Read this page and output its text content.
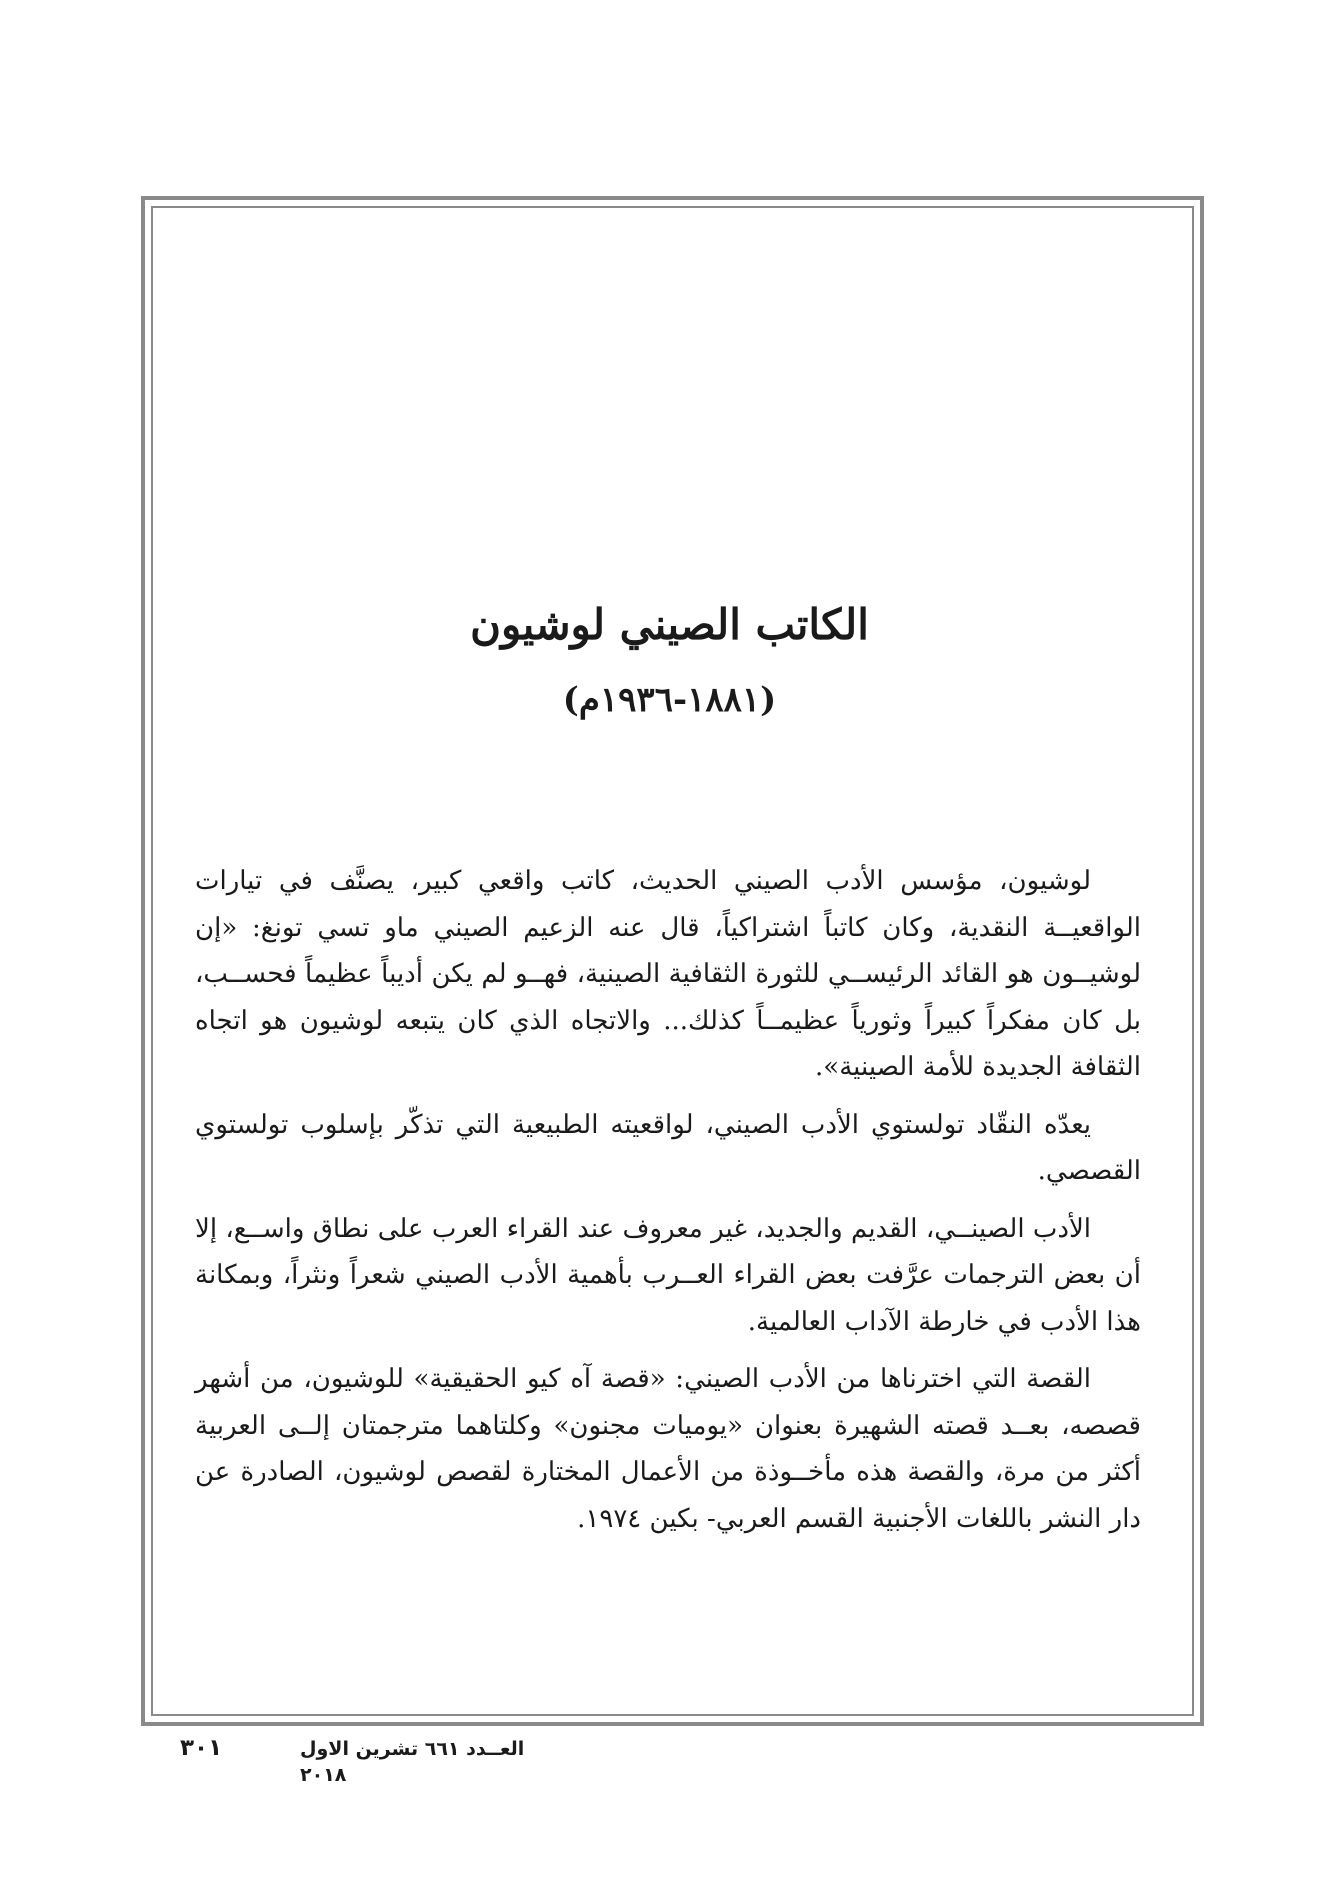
الكاتب الصيني لوشيون
(١٨٨١-١٩٣٦م)

لوشيون، مؤسس الأدب الصيني الحديث، كاتب واقعي كبير، يصنَّف في تيارات الواقعيــة النقدية، وكان كاتباً اشتراكياً، قال عنه الزعيم الصيني ماو تسي تونغ: «إن لوشيــون هو القائد الرئيســي للثورة الثقافية الصينية، فهــو لم يكن أديباً عظيماً فحســب، بل كان مفكراً كبيراً وثورياً عظيمــاً كذلك... والاتجاه الذي كان يتبعه لوشيون هو اتجاه الثقافة الجديدة للأمة الصينية».

يعدّه النقّاد تولستوي الأدب الصيني، لواقعيته الطبيعية التي تذكّر بإسلوب تولستوي القصصي.

الأدب الصينــي، القديم والجديد، غير معروف عند القراء العرب على نطاق واســع، إلا أن بعض الترجمات عرَّفت بعض القراء العــرب بأهمية الأدب الصيني شعراً ونثراً، وبمكانة هذا الأدب في خارطة الآداب العالمية.

القصة التي اخترناها من الأدب الصيني: «قصة آه كيو الحقيقية» للوشيون، من أشهر قصصه، بعــد قصته الشهيرة بعنوان «يوميات مجنون» وكلتاهما مترجمتان إلــى العربية أكثر من مرة، والقصة هذه مأخــوذة من الأعمال المختارة لقصص لوشيون، الصادرة عن دار النشر باللغات الأجنبية القسم العربي- بكين ١٩٧٤.

العــدد ٦٦١ تشرين الاول ٢٠١٨
٣٠١
